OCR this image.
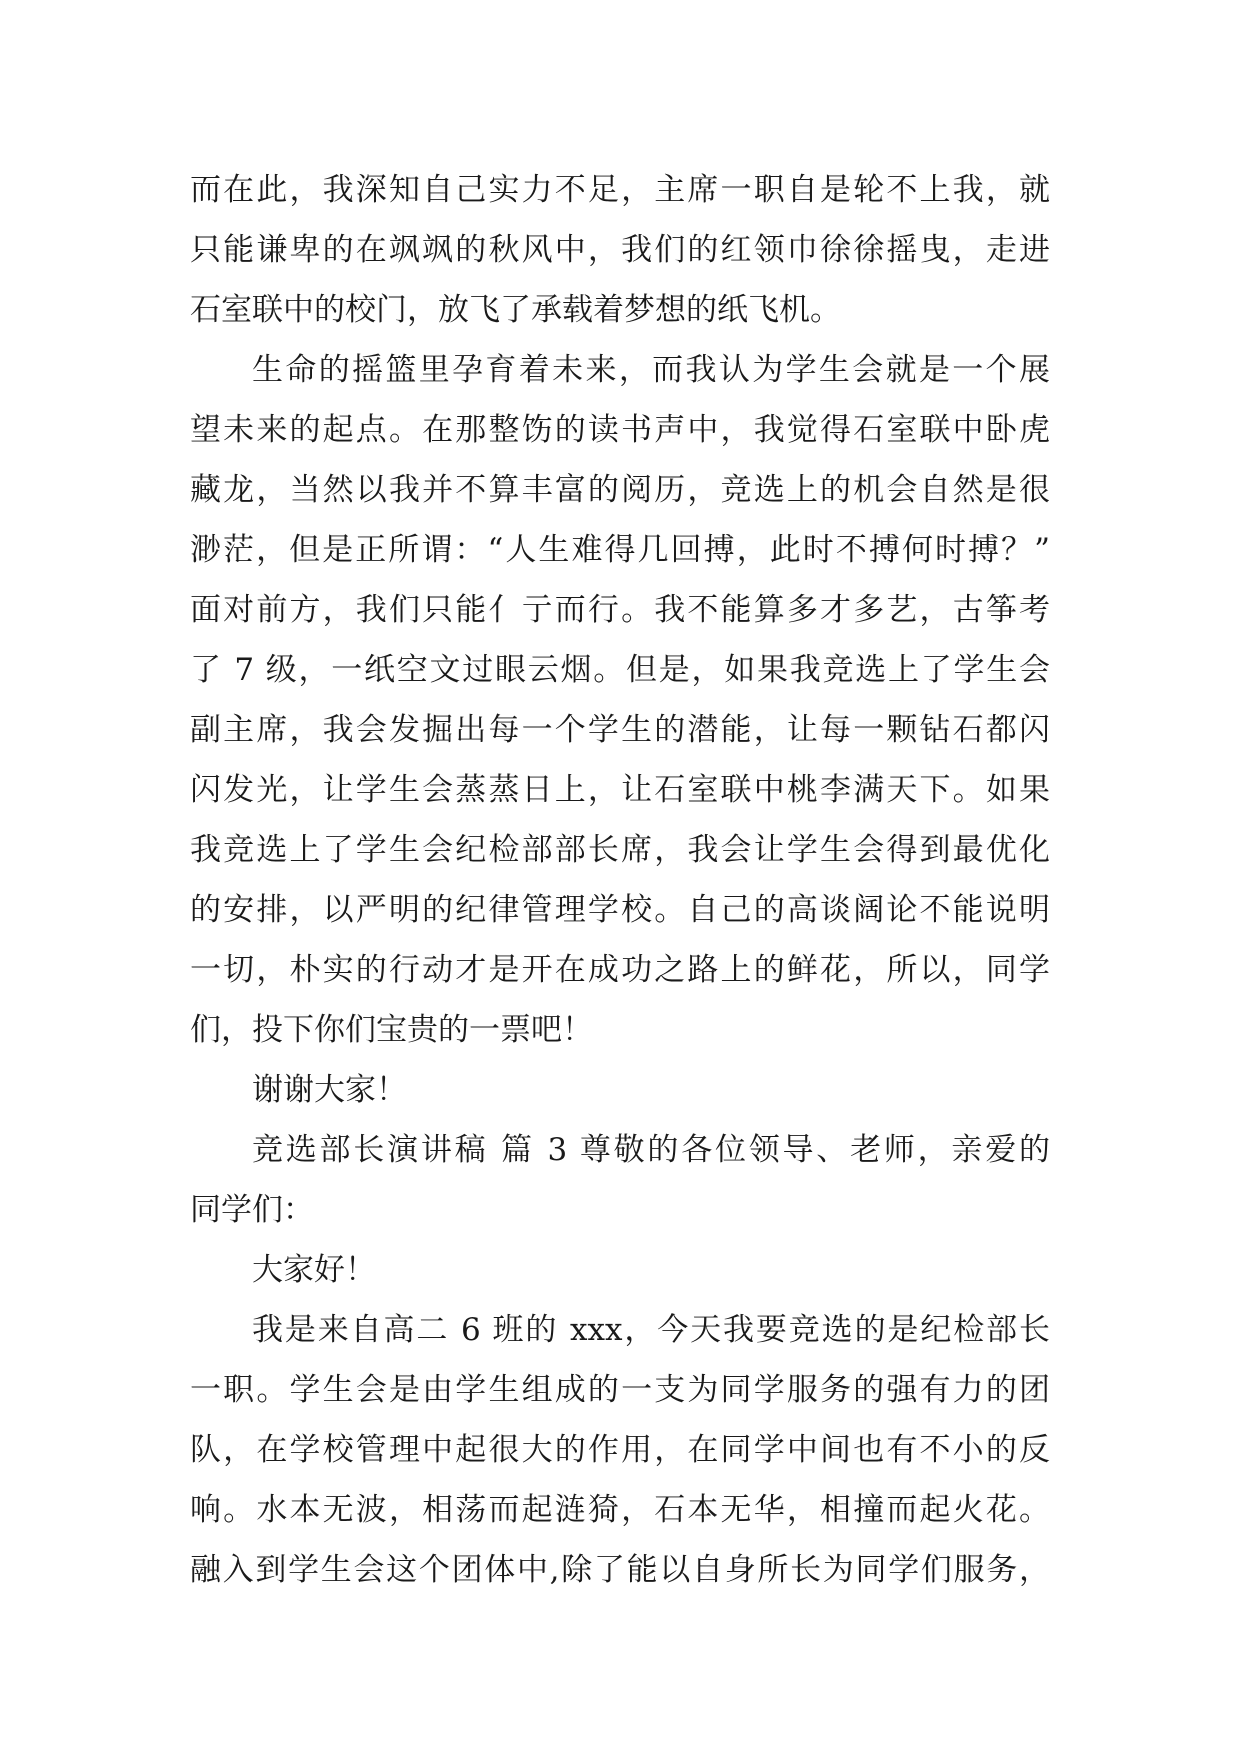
而在此，我深知自己实力不足，主席一职自是轮不上我，就
只能谦卑的在飒飒的秋风中，我们的红领巾徐徐摇曳，走进
石室联中的校门，放飞了承载着梦想的纸飞机。
生命的摇篮里孕育着未来，而我认为学生会就是一个展
望未来的起点。在那整饬的读书声中，我觉得石室联中卧虎
藏龙，当然以我并不算丰富的阅历，竞选上的机会自然是很
渺茫，但是正所谓：“人生难得几回搏，此时不搏何时搏？”
面对前方，我们只能亻亍而行。我不能算多才多艺，古筝考
了 7 级，一纸空文过眼云烟。但是，如果我竞选上了学生会
副主席，我会发掘出每一个学生的潜能，让每一颗钻石都闪
闪发光，让学生会蒸蒸日上，让石室联中桃李满天下。如果
我竞选上了学生会纪检部部长席，我会让学生会得到最优化
的安排，以严明的纪律管理学校。自己的高谈阔论不能说明
一切，朴实的行动才是开在成功之路上的鲜花，所以，同学
们，投下你们宝贵的一票吧！
谢谢大家！
竞选部长演讲稿 篇 3 尊敬的各位领导、老师，亲爱的
同学们：
大家好！
我是来自高二 6 班的 xxx，今天我要竞选的是纪检部长
一职。学生会是由学生组成的一支为同学服务的强有力的团
队，在学校管理中起很大的作用，在同学中间也有不小的反
响。水本无波，相荡而起涟猗，石本无华，相撞而起火花。
融入到学生会这个团体中,除了能以自身所长为同学们服务，
